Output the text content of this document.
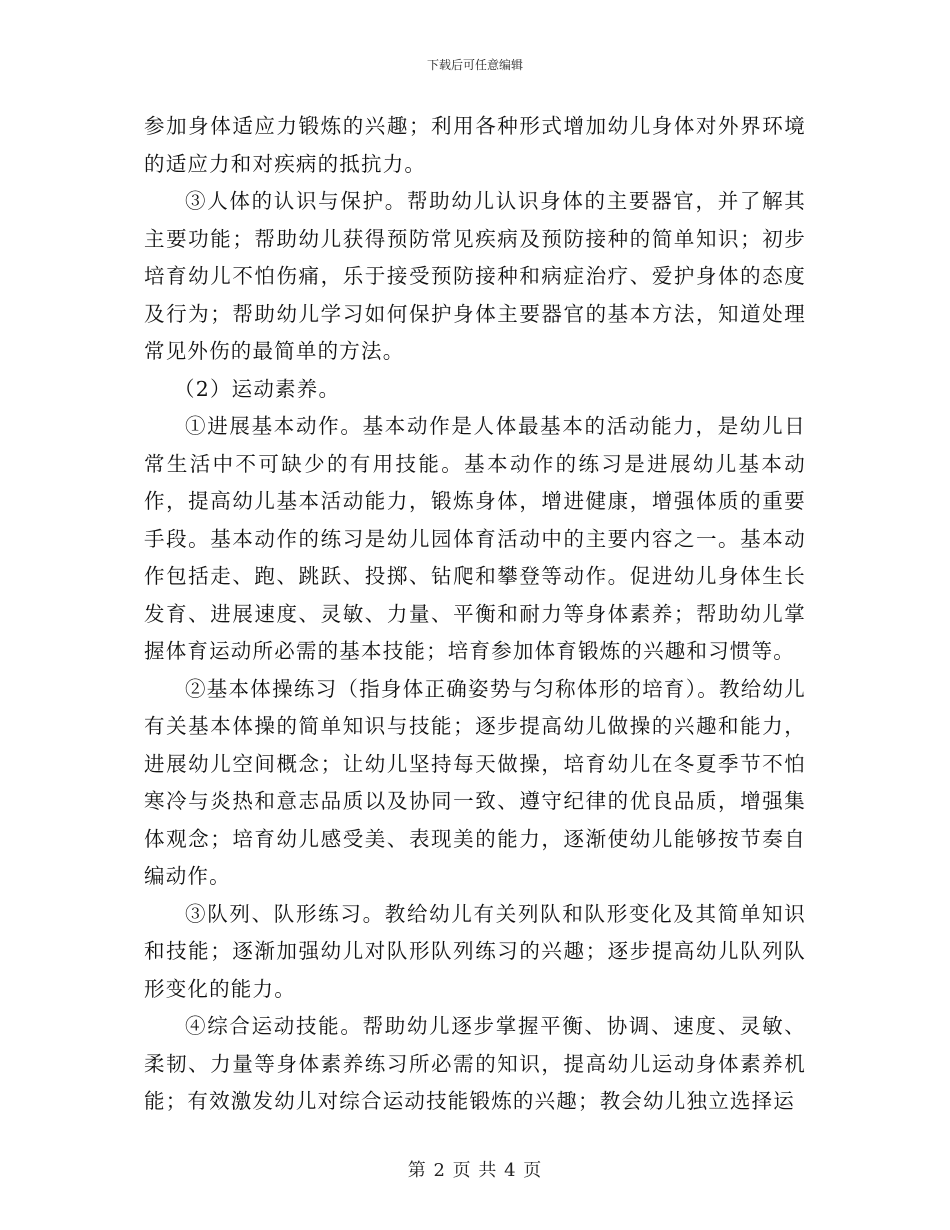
下载后可任意编辑

参加身体适应力锻炼的兴趣；利用各种形式增加幼儿身体对外界环境的适应力和对疾病的抵抗力。

③人体的认识与保护。帮助幼儿认识身体的主要器官，并了解其主要功能；帮助幼儿获得预防常见疾病及预防接种的简单知识；初步培育幼儿不怕伤痛，乐于接受预防接种和病症治疗、爱护身体的态度及行为；帮助幼儿学习如何保护身体主要器官的基本方法，知道处理常见外伤的最简单的方法。

（2）运动素养。

①进展基本动作。基本动作是人体最基本的活动能力，是幼儿日常生活中不可缺少的有用技能。基本动作的练习是进展幼儿基本动作，提高幼儿基本活动能力，锻炼身体，增进健康，增强体质的重要手段。基本动作的练习是幼儿园体育活动中的主要内容之一。基本动作包括走、跑、跳跃、投掷、钻爬和攀登等动作。促进幼儿身体生长发育、进展速度、灵敏、力量、平衡和耐力等身体素养；帮助幼儿掌握体育运动所必需的基本技能；培育参加体育锻炼的兴趣和习惯等。

②基本体操练习（指身体正确姿势与匀称体形的培育）。教给幼儿有关基本体操的简单知识与技能；逐步提高幼儿做操的兴趣和能力，进展幼儿空间概念；让幼儿坚持每天做操，培育幼儿在冬夏季节不怕寒冷与炎热和意志品质以及协同一致、遵守纪律的优良品质，增强集体观念；培育幼儿感受美、表现美的能力，逐渐使幼儿能够按节奏自编动作。

③队列、队形练习。教给幼儿有关列队和队形变化及其简单知识和技能；逐渐加强幼儿对队形队列练习的兴趣；逐步提高幼儿队列队形变化的能力。

④综合运动技能。帮助幼儿逐步掌握平衡、协调、速度、灵敏、柔韧、力量等身体素养练习所必需的知识，提高幼儿运动身体素养机能；有效激发幼儿对综合运动技能锻炼的兴趣；教会幼儿独立选择运

第 2 页 共 4 页
